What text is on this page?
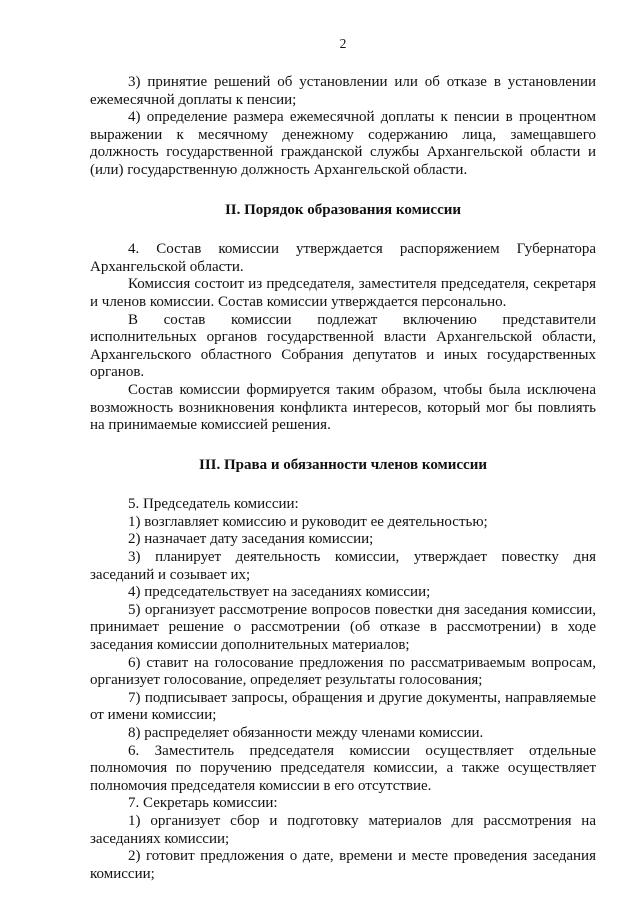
2

3) принятие решений об установлении или об отказе в установлении ежемесячной доплаты к пенсии;

4) определение размера ежемесячной доплаты к пенсии в процентном выражении к месячному денежному содержанию лица, замещавшего должность государственной гражданской службы Архангельской области и (или) государственную должность Архангельской области.

II. Порядок образования комиссии

4. Состав комиссии утверждается распоряжением Губернатора Архангельской области.

Комиссия состоит из председателя, заместителя председателя, секретаря и членов комиссии. Состав комиссии утверждается персонально.

В состав комиссии подлежат включению представители исполнительных органов государственной власти Архангельской области, Архангельского областного Собрания депутатов и иных государственных органов.

Состав комиссии формируется таким образом, чтобы была исключена возможность возникновения конфликта интересов, который мог бы повлиять на принимаемые комиссией решения.

III. Права и обязанности членов комиссии

5. Председатель комиссии:

1) возглавляет комиссию и руководит ее деятельностью;

2) назначает дату заседания комиссии;

3) планирует деятельность комиссии, утверждает повестку дня заседаний и созывает их;

4) председательствует на заседаниях комиссии;

5) организует рассмотрение вопросов повестки дня заседания комиссии, принимает решение о рассмотрении (об отказе в рассмотрении) в ходе заседания комиссии дополнительных материалов;

6) ставит на голосование предложения по рассматриваемым вопросам, организует голосование, определяет результаты голосования;

7) подписывает запросы, обращения и другие документы, направляемые от имени комиссии;

8) распределяет обязанности между членами комиссии.

6. Заместитель председателя комиссии осуществляет отдельные полномочия по поручению председателя комиссии, а также осуществляет полномочия председателя комиссии в его отсутствие.

7. Секретарь комиссии:

1) организует сбор и подготовку материалов для рассмотрения на заседаниях комиссии;

2) готовит предложения о дате, времени и месте проведения заседания комиссии;
